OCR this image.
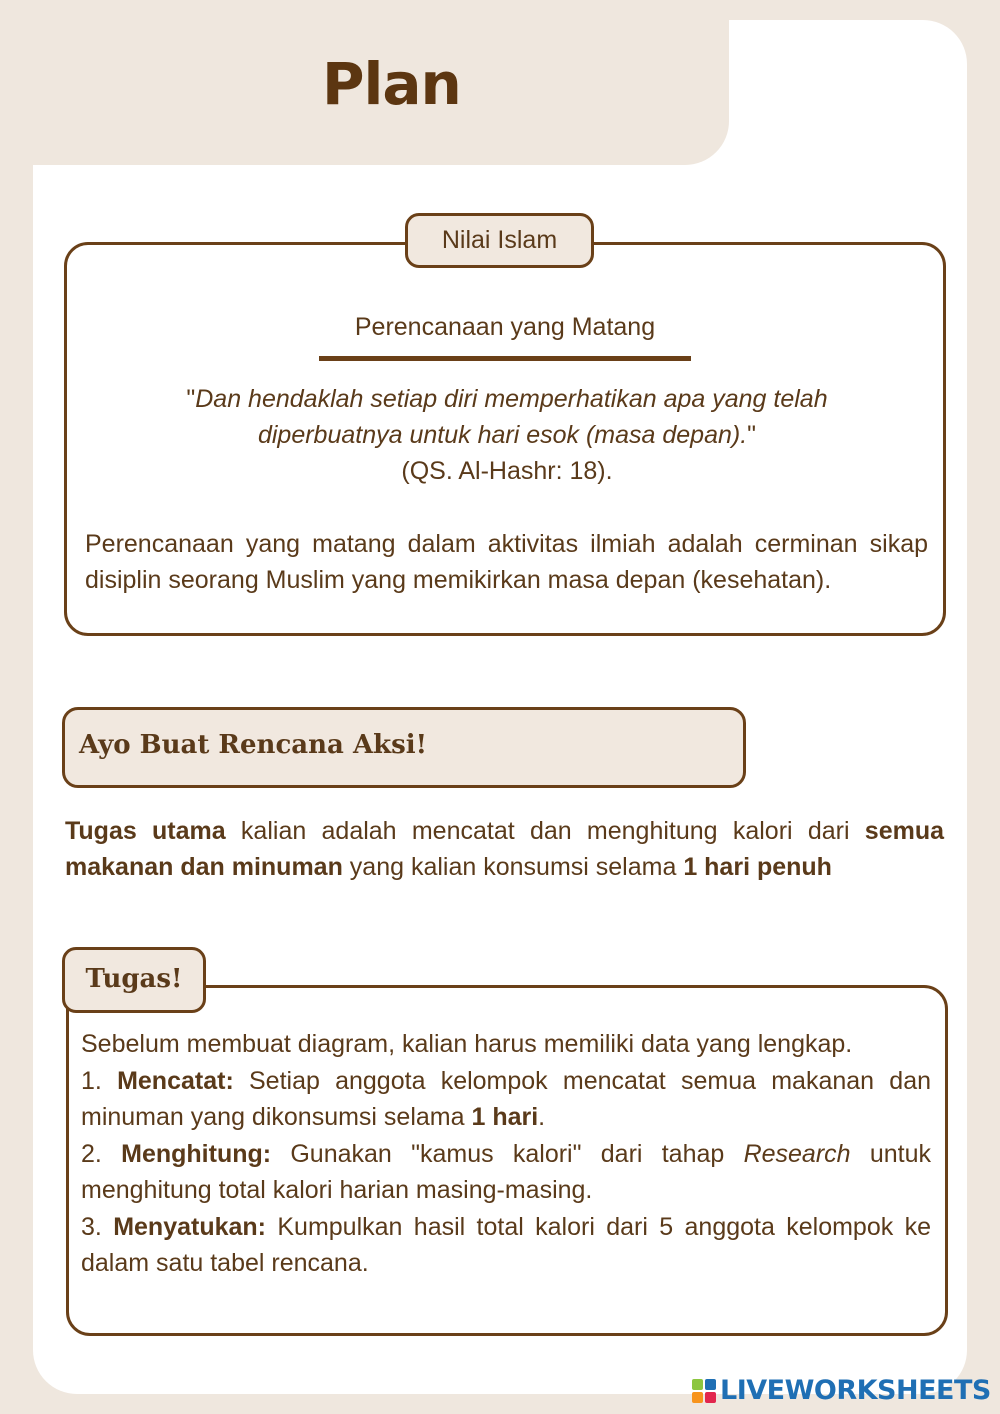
Plan
Perencanaan yang Matang
"Dan hendaklah setiap diri memperhatikan apa yang telah diperbuatnya untuk hari esok (masa depan)."
(QS. Al-Hashr: 18).
Perencanaan yang matang dalam aktivitas ilmiah adalah cerminan sikap disiplin seorang Muslim yang memikirkan masa depan (kesehatan).
Nilai Islam
Ayo Buat Rencana Aksi!
Tugas utama kalian adalah mencatat dan menghitung kalori dari semua makanan dan minuman yang kalian konsumsi selama 1 hari penuh
Sebelum membuat diagram, kalian harus memiliki data yang lengkap.
1. Mencatat: Setiap anggota kelompok mencatat semua makanan dan minuman yang dikonsumsi selama 1 hari.
2. Menghitung: Gunakan "kamus kalori" dari tahap Research untuk menghitung total kalori harian masing-masing.
3. Menyatukan: Kumpulkan hasil total kalori dari 5 anggota kelompok ke dalam satu tabel rencana.
Tugas!
LIVEWORKSHEETS
